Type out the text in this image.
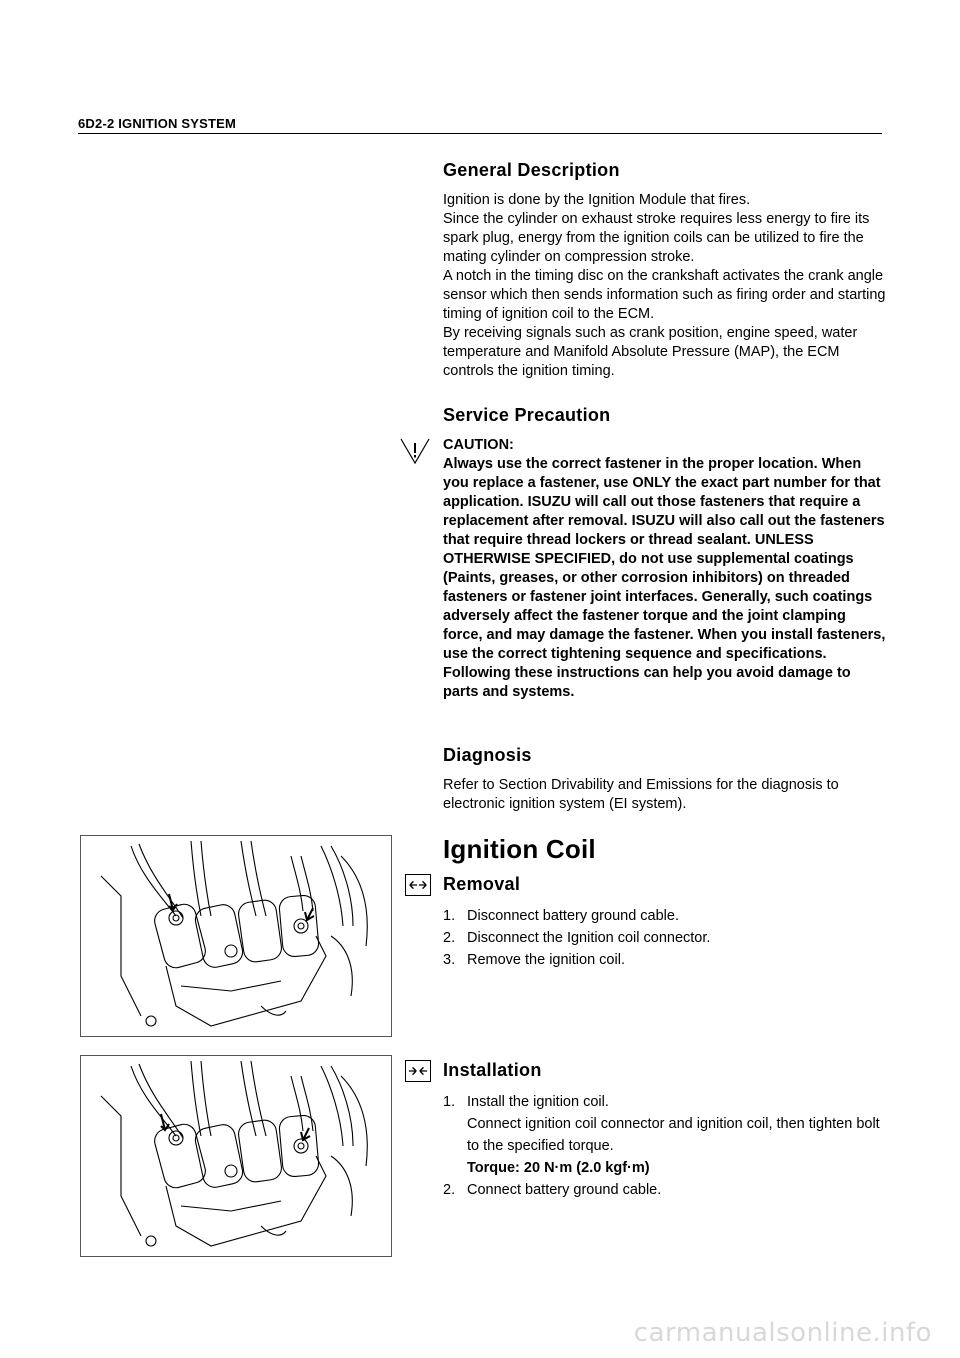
6D2-2 IGNITION SYSTEM
General Description

Ignition is done by the Ignition Module that fires.

Since the cylinder on exhaust stroke requires less energy to fire its spark plug, energy from the ignition coils can be utilized to fire the mating cylinder on compression stroke.

A notch in the timing disc on the crankshaft activates the crank angle sensor which then sends information such as firing order and starting timing of ignition coil to the ECM.

By receiving signals such as crank position, engine speed, water temperature and Manifold Absolute Pressure (MAP), the ECM controls the ignition timing.

Service Precaution

CAUTION:

Always use the correct fastener in the proper location. When you replace a fastener, use ONLY the exact part number for that application. ISUZU will call out those fasteners that require a replacement after removal. ISUZU will also call out the fasteners that require thread lockers or thread sealant. UNLESS OTHERWISE SPECIFIED, do not use supplemental coatings (Paints, greases, or other corrosion inhibitors) on threaded fasteners or fastener joint interfaces. Generally, such coatings adversely affect the fastener torque and the joint clamping force, and may damage the fastener. When you install fasteners, use the correct tightening sequence and specifications. Following these instructions can help you avoid damage to parts and systems.

Diagnosis

Refer to Section Drivability and Emissions for the diagnosis to electronic ignition system (EI system).

Ignition Coil
Removal
1. Disconnect battery ground cable.
2. Disconnect the Ignition coil connector.
3. Remove the ignition coil.
Installation
1. Install the ignition coil.
Connect ignition coil connector and ignition coil, then tighten bolt to the specified torque.
Torque: 20 N·m (2.0 kgf·m)
2. Connect battery ground cable.
carmanualsonline.info
